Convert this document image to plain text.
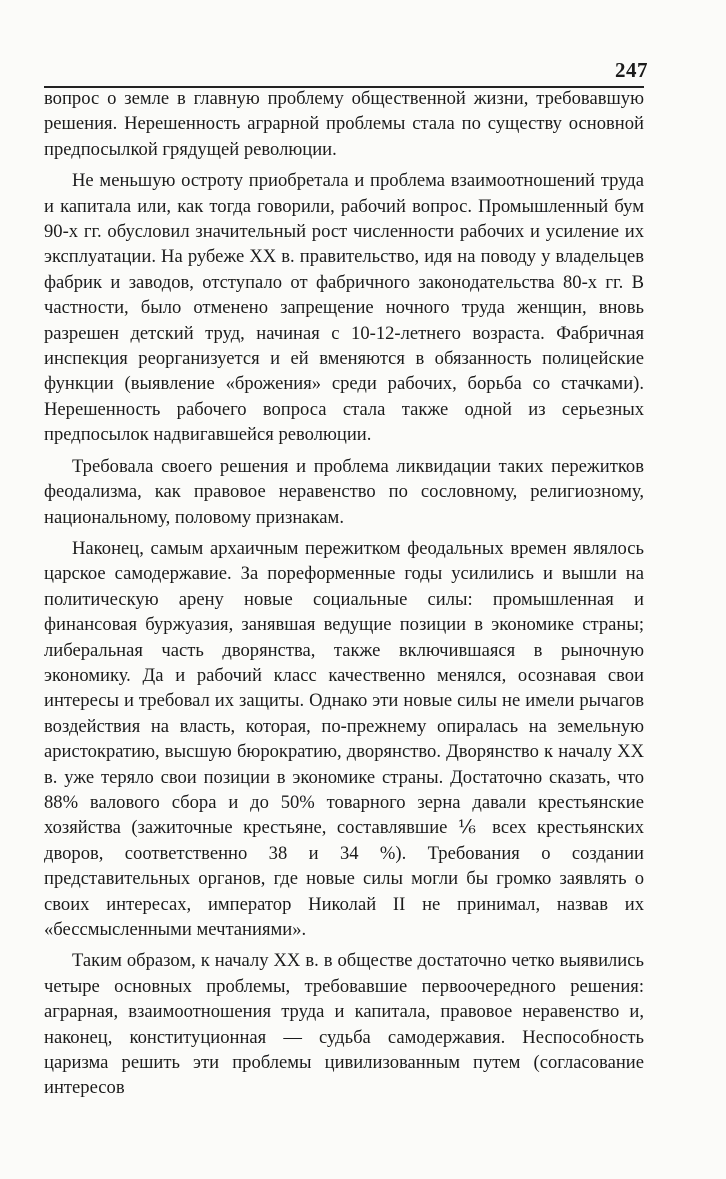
247

вопрос о земле в главную проблему общественной жизни, требовавшую решения. Нерешенность аграрной проблемы стала по существу основной предпосылкой грядущей революции.

Не меньшую остроту приобретала и проблема взаимоотношений труда и капитала или, как тогда говорили, рабочий вопрос. Промышленный бум 90-х гг. обусловил значительный рост численности рабочих и усиление их эксплуатации. На рубеже XX в. правительство, идя на поводу у владельцев фабрик и заводов, отступало от фабричного законодательства 80-х гг. В частности, было отменено запрещение ночного труда женщин, вновь разрешен детский труд, начиная с 10-12-летнего возраста. Фабричная инспекция реорганизуется и ей вменяются в обязанность полицейские функции (выявление «брожения» среди рабочих, борьба со стачками). Нерешенность рабочего вопроса стала также одной из серьезных предпосылок надвигавшейся революции.

Требовала своего решения и проблема ликвидации таких пережитков феодализма, как правовое неравенство по сословному, религиозному, национальному, половому признакам.

Наконец, самым архаичным пережитком феодальных времен являлось царское самодержавие. За пореформенные годы усилились и вышли на политическую арену новые социальные силы: промышленная и финансовая буржуазия, занявшая ведущие позиции в экономике страны; либеральная часть дворянства, также включившаяся в рыночную экономику. Да и рабочий класс качественно менялся, осознавая свои интересы и требовал их защиты. Однако эти новые силы не имели рычагов воздействия на власть, которая, по-прежнему опиралась на земельную аристократию, высшую бюрократию, дворянство. Дворянство к началу XX в. уже теряло свои позиции в экономике страны. Достаточно сказать, что 88% валового сбора и до 50% товарного зерна давали крестьянские хозяйства (зажиточные крестьяне, составлявшие ⅙ всех крестьянских дворов, соответственно 38 и 34 %). Требования о создании представительных органов, где новые силы могли бы громко заявлять о своих интересах, император Николай II не принимал, назвав их «бессмысленными мечтаниями».

Таким образом, к началу XX в. в обществе достаточно четко выявились четыре основных проблемы, требовавшие первоочередного решения: аграрная, взаимоотношения труда и капитала, правовое неравенство и, наконец, конституционная — судьба самодержавия. Неспособность царизма решить эти проблемы цивилизованным путем (согласование интересов
